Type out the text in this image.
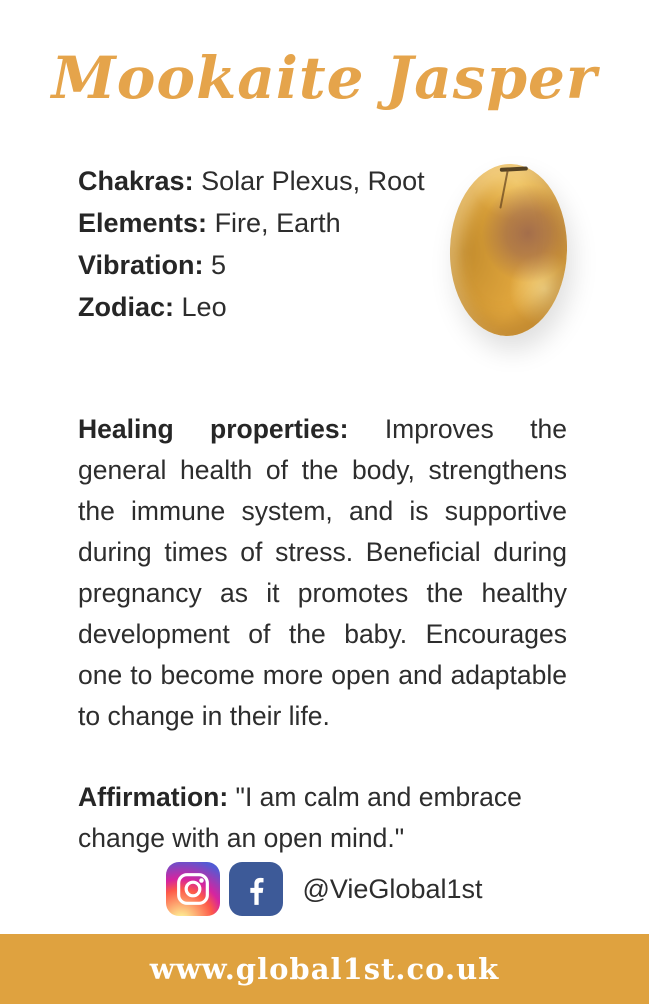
Mookaite Jasper
Chakras: Solar Plexus, Root
Elements: Fire, Earth
Vibration: 5
Zodiac: Leo

Healing properties: Improves the general health of the body, strengthens the immune system, and is supportive during times of stress. Beneficial during pregnancy as it promotes the healthy development of the baby. Encourages one to become more open and adaptable to change in their life.

Affirmation: "I am calm and embrace change with an open mind."

@VieGlobal1st
www.global1st.co.uk
